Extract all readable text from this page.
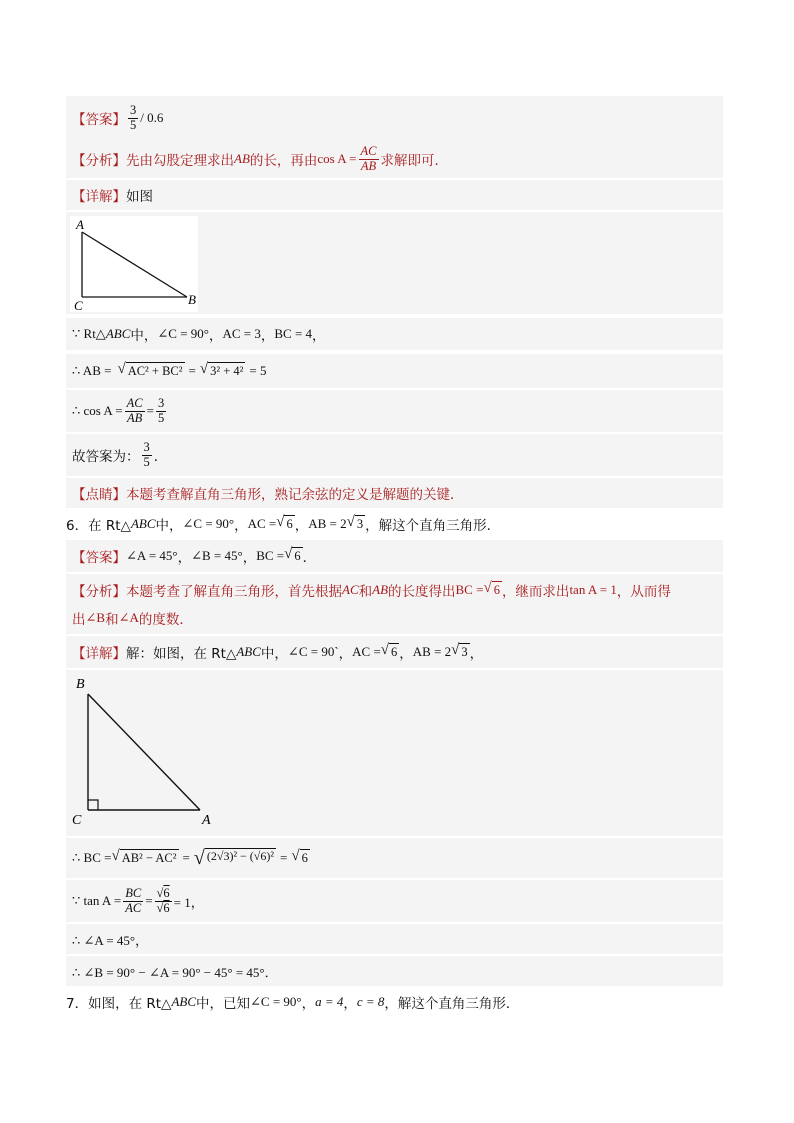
【答案】 $\frac{3}{5} / 0.6$
【分析】 先由勾股定理求出 AB 的长，再由 $\cos A = \frac{AC}{AB}$ 求解即可．
【详解】 如图
A
C	B
∵ Rt△ ABC 中， ∠C = 90° ， AC = 3 ， BC = 4 ，
∴ AB = √ AC² + BC² = √ 3² + 4² = 5
∴ $\cos A = \frac{AC}{AB} = \frac{3}{5}$
故答案为： $\frac{3}{5}$ ．
【点睛】 本题考查解直角三角形，熟记余弦的定义是解题的关键．
6．在 Rt△ ABC 中， ∠C = 90° ， AC = √ 6 ， AB = 2 √ 3 ，解这个直角三角形．
【答案】 ∠A = 45° ， ∠B = 45° ， BC = √ 6 ．
【分析】 本题考查了解直角三角形，首先根据 AC 和 AB 的长度得出 BC = √ 6 ，继而求出 tan A = 1 ，从而得
出 ∠B 和 ∠A 的度数．
【详解】 解：如图，在 Rt△ ABC 中， ∠C = 90` ， AC = √ 6 ， AB = 2 √ 3 ，
B
C	A
∴ BC = √ AB² − AC² = √ (2√3)² − (√6)² = √ 6
∵ $\tan A = \frac{BC}{AC} = \frac{√6}{√6} = 1$，
∴ ∠A = 45°，
∴ ∠B = 90° − ∠A = 90° − 45° = 45°．
7．如图，在 Rt△ ABC 中，已知 ∠C = 90° ， a = 4 ， c = 8 ，解这个直角三角形．
